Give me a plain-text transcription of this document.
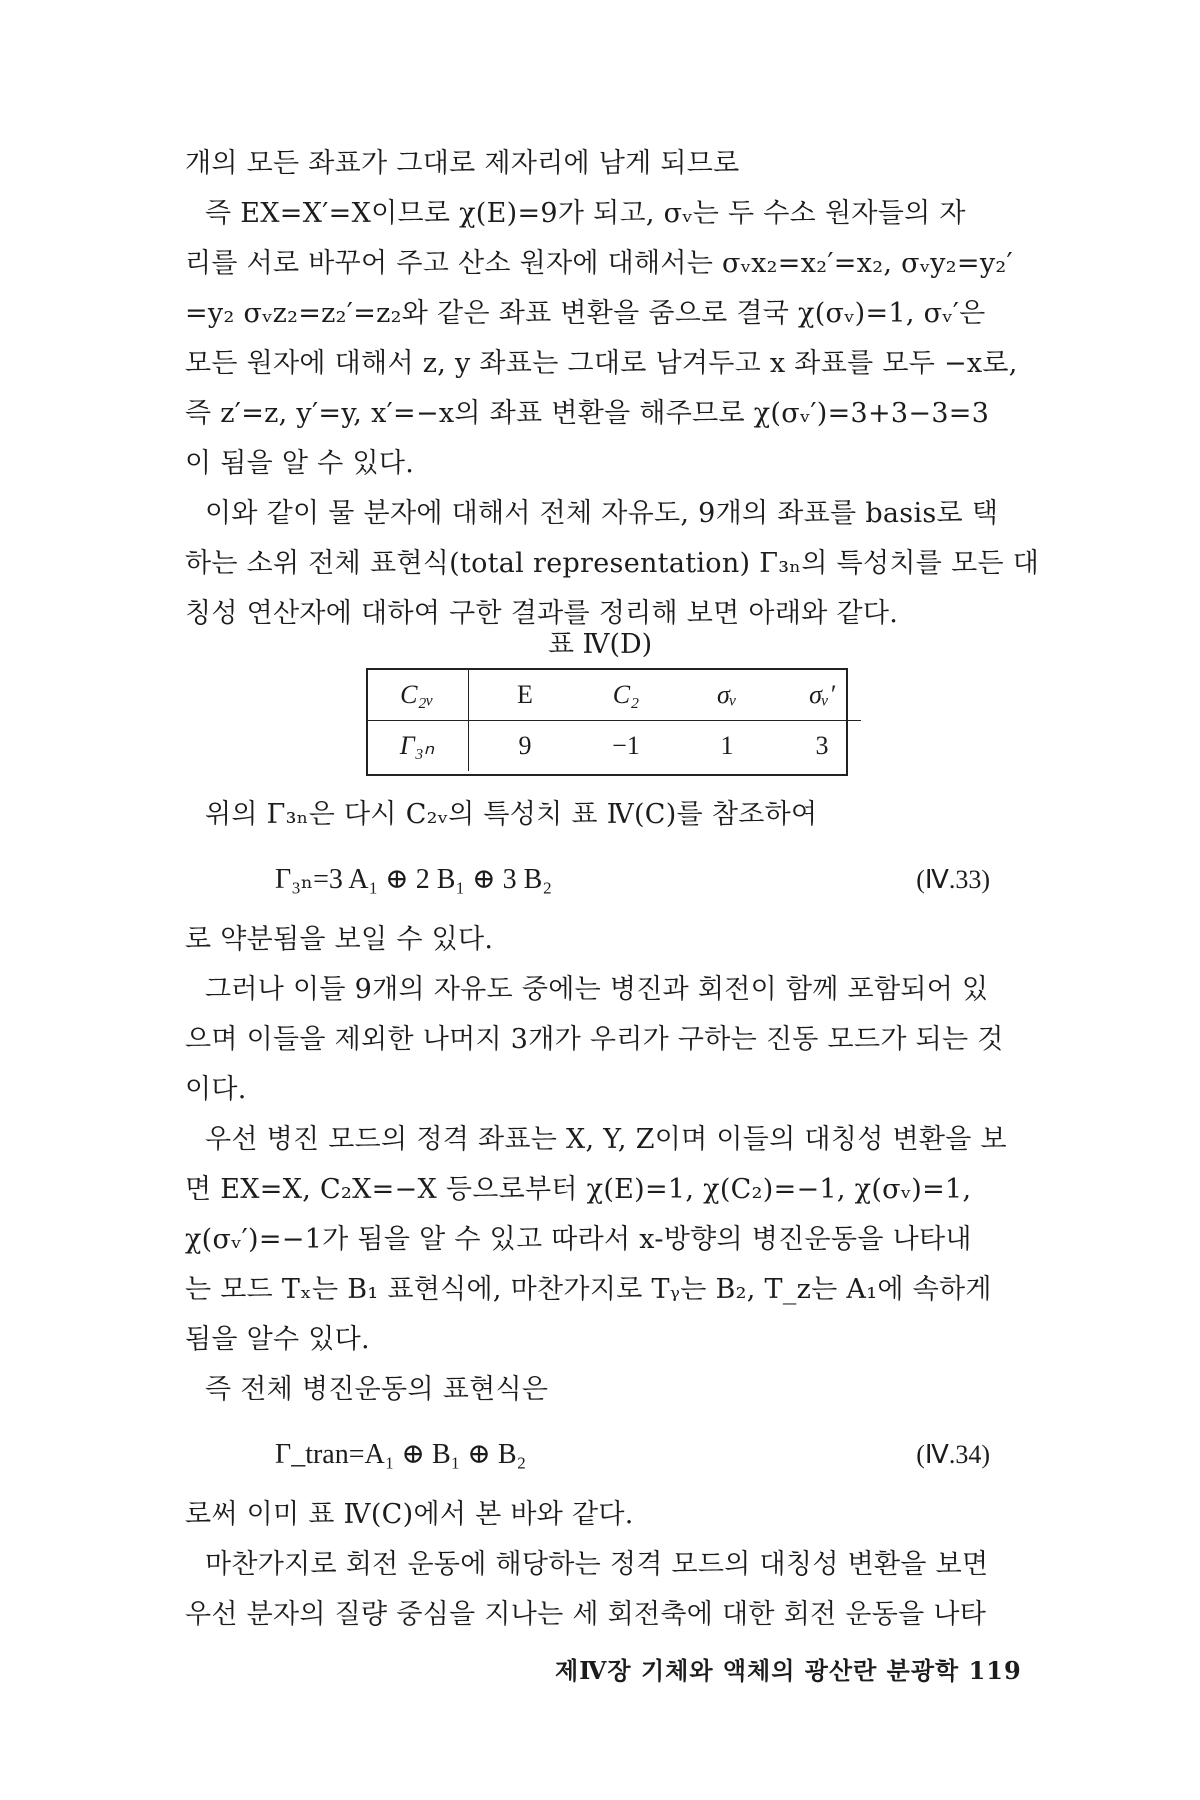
개의 모든 좌표가 그대로 제자리에 남게 되므로
즉 EX=X′=X이므로 χ(E)=9가 되고, σᵥ는 두 수소 원자들의 자
리를 서로 바꾸어 주고 산소 원자에 대해서는 σᵥx₂=x₂′=x₂, σᵥy₂=y₂′
=y₂ σᵥz₂=z₂′=z₂와 같은 좌표 변환을 줌으로 결국 χ(σᵥ)=1, σᵥ′은
모든 원자에 대해서 z, y 좌표는 그대로 남겨두고 x 좌표를 모두 −x로,
즉 z′=z, y′=y, x′=−x의 좌표 변환을 해주므로 χ(σᵥ′)=3+3−3=3
이 됨을 알 수 있다.
이와 같이 물 분자에 대해서 전체 자유도, 9개의 좌표를 basis로 택
하는 소위 전체 표현식(total representation) Γ₃ₙ의 특성치를 모든 대
칭성 연산자에 대하여 구한 결과를 정리해 보면 아래와 같다.
표 Ⅳ(D)
C₂ᵥ	E	C₂	σᵥ	σᵥ′
Γ₃ₙ	9	−1	1	3
위의 Γ₃ₙ은 다시 C₂ᵥ의 특성치 표 Ⅳ(C)를 참조하여
Γ₃ₙ=3 A₁ ⊕ 2 B₁ ⊕ 3 B₂	(Ⅳ.33)
로 약분됨을 보일 수 있다.
그러나 이들 9개의 자유도 중에는 병진과 회전이 함께 포함되어 있
으며 이들을 제외한 나머지 3개가 우리가 구하는 진동 모드가 되는 것
이다.
우선 병진 모드의 정격 좌표는 X, Y, Z이며 이들의 대칭성 변환을 보
면 EX=X, C₂X=−X 등으로부터 χ(E)=1, χ(C₂)=−1, χ(σᵥ)=1,
χ(σᵥ′)=−1가 됨을 알 수 있고 따라서 x-방향의 병진운동을 나타내
는 모드 Tₓ는 B₁ 표현식에, 마찬가지로 Tᵧ는 B₂, T_z는 A₁에 속하게
됨을 알수 있다.
즉 전체 병진운동의 표현식은
Γ_tran=A₁ ⊕ B₁ ⊕ B₂	(Ⅳ.34)
로써 이미 표 Ⅳ(C)에서 본 바와 같다.
마찬가지로 회전 운동에 해당하는 정격 모드의 대칭성 변환을 보면
우선 분자의 질량 중심을 지나는 세 회전축에 대한 회전 운동을 나타
제Ⅳ장 기체와 액체의 광산란 분광학 119
